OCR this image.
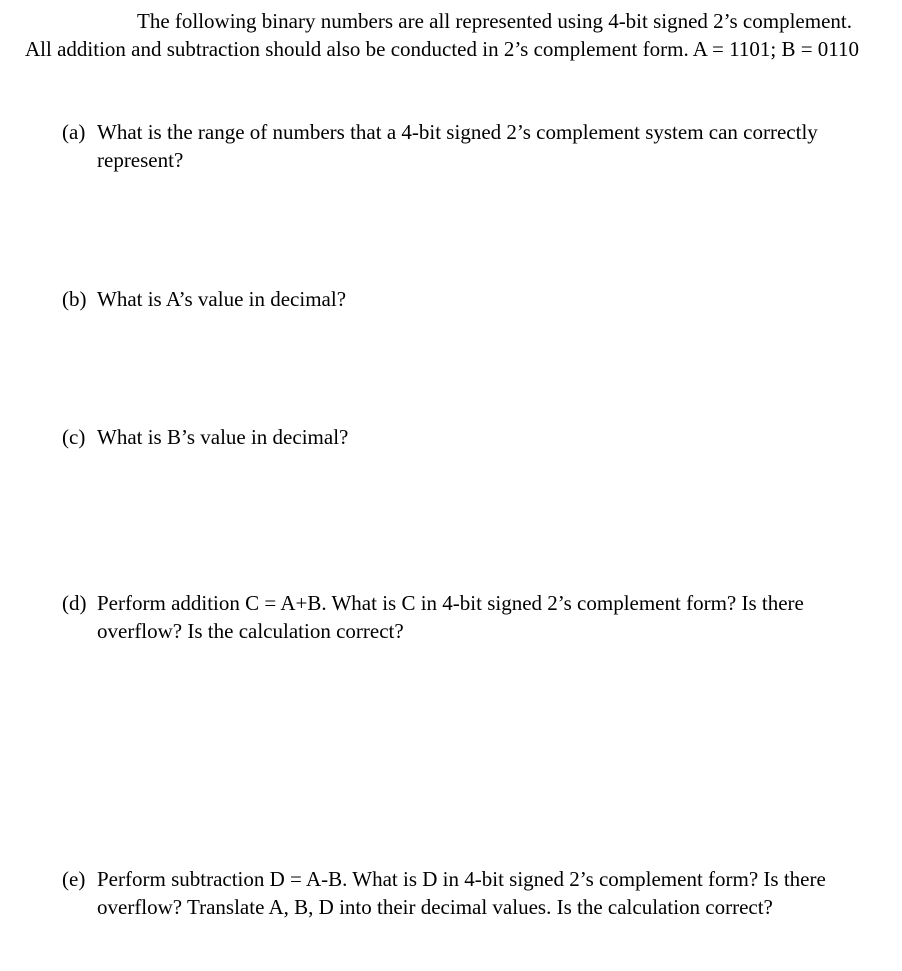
The following binary numbers are all represented using 4-bit signed 2’s complement. All addition and subtraction should also be conducted in 2’s complement form. A = 1101; B = 0110

(a) What is the range of numbers that a 4-bit signed 2’s complement system can correctly represent?
(b) What is A’s value in decimal?
(c) What is B’s value in decimal?
(d) Perform addition C = A+B. What is C in 4-bit signed 2’s complement form? Is there overflow? Is the calculation correct?
(e) Perform subtraction D = A-B. What is D in 4-bit signed 2’s complement form? Is there overflow? Translate A, B, D into their decimal values. Is the calculation correct?
